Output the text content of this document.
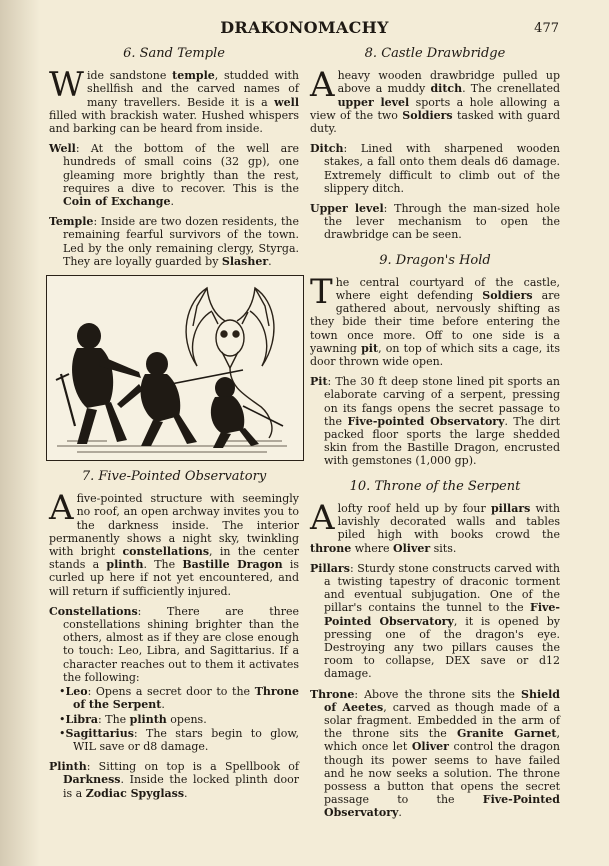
DRAKONOMACHY	477
6. Sand Temple

Wide sandstone temple, studded with shellfish and the carved names of many travellers. Beside it is a well filled with brackish water. Hushed whispers and barking can be heard from inside.

Well: At the bottom of the well are hundreds of small coins (32 gp), one gleaming more brightly than the rest, requires a dive to recover. This is the Coin of Exchange.

Temple: Inside are two dozen residents, the remaining fearful survivors of the town. Led by the only remaining clergy, Styrga. They are loyally guarded by Slasher.

7. Five-Pointed Observatory

Afive-pointed structure with seemingly no roof, an open archway invites you to the darkness inside. The interior permanently shows a night sky, twinkling with bright constellations, in the center stands a plinth. The Bastille Dragon is curled up here if not yet encountered, and will return if sufficiently injured.

Constellations: There are three constellations shining brighter than the others, almost as if they are close enough to touch: Leo, Libra, and Sagittarius. If a character reaches out to them it activates the following:

•Leo: Opens a secret door to the Throne of the Serpent.

•Libra: The plinth opens.

•Sagittarius: The stars begin to glow, WIL save or d8 damage.

Plinth: Sitting on top is a Spellbook of Darkness. Inside the locked plinth door is a Zodiac Spyglass.

8. Castle Drawbridge

A heavy wooden drawbridge pulled up above a muddy ditch. The crenellated upper level sports a hole allowing a view of the two Soldiers tasked with guard duty.

Ditch: Lined with sharpened wooden stakes, a fall onto them deals d6 damage. Extremely difficult to climb out of the slippery ditch.

Upper level: Through the man-sized hole the lever mechanism to open the drawbridge can be seen.

9. Dragon's Hold

The central courtyard of the castle, where eight defending Soldiers are gathered about, nervously shifting as they bide their time before entering the town once more. Off to one side is a yawning pit, on top of which sits a cage, its door thrown wide open.

Pit: The 30 ft deep stone lined pit sports an elaborate carving of a serpent, pressing on its fangs opens the secret passage to the Five-pointed Observatory. The dirt packed floor sports the large shedded skin from the Bastille Dragon, encrusted with gemstones (1,000 gp).

10. Throne of the Serpent

A lofty roof held up by four pillars with lavishly decorated walls and tables piled high with books crowd the throne where Oliver sits.

Pillars: Sturdy stone constructs carved with a twisting tapestry of draconic torment and eventual subjugation. One of the pillar's contains the tunnel to the Five-Pointed Observatory, it is opened by pressing one of the dragon's eye. Destroying any two pillars causes the room to collapse, DEX save or d12 damage.

Throne: Above the throne sits the Shield of Aeetes, carved as though made of a solar fragment. Embedded in the arm of the throne sits the Granite Garnet, which once let Oliver control the dragon though its power seems to have failed and he now seeks a solution. The throne possess a button that opens the secret passage to the Five-Pointed Observatory.
